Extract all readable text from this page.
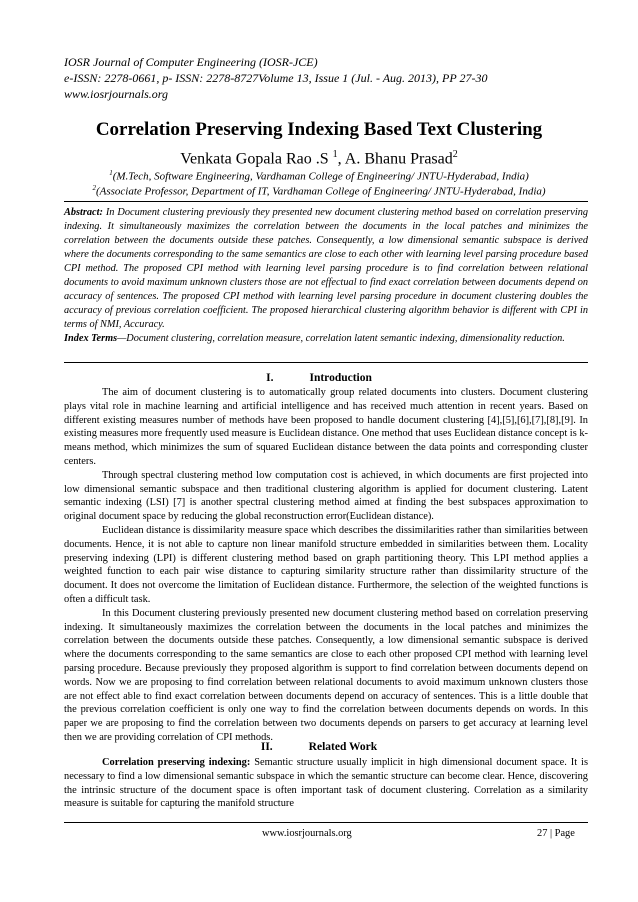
IOSR Journal of Computer Engineering (IOSR-JCE)
e-ISSN: 2278-0661, p- ISSN: 2278-8727Volume 13, Issue 1 (Jul. - Aug. 2013), PP 27-30
www.iosrjournals.org
Correlation Preserving Indexing Based Text Clustering
Venkata Gopala Rao .S $^1$, A. Bhanu Prasad$^2$
$^1$(M.Tech, Software Engineering, Vardhaman College of Engineering/ JNTU-Hyderabad, India)
$^2$(Associate Professor, Department of IT, Vardhaman College of Engineering/ JNTU-Hyderabad, India)
Abstract: In Document clustering previously they presented new document clustering method based on correlation preserving indexing. It simultaneously maximizes the correlation between the documents in the local patches and minimizes the correlation between the documents outside these patches. Consequently, a low dimensional semantic subspace is derived where the documents corresponding to the same semantics are close to each other with learning level parsing procedure based CPI method. The proposed CPI method with learning level parsing procedure is to find correlation between relational documents to avoid maximum unknown clusters those are not effectual to find exact correlation between documents depend on accuracy of sentences. The proposed CPI method with learning level parsing procedure in document clustering doubles the accuracy of previous correlation coefficient. The proposed hierarchical clustering algorithm behavior is different with CPI in terms of NMI, Accuracy.
Index Terms—Document clustering, correlation measure, correlation latent semantic indexing, dimensionality reduction.
I.	Introduction

The aim of document clustering is to automatically group related documents into clusters. Document clustering plays vital role in machine learning and artificial intelligence and has received much attention in recent years. Based on different existing measures number of methods have been proposed to handle document clustering [4],[5],[6],[7],[8],[9]. In existing measures more frequently used measure is Euclidean distance. One method that uses Euclidean distance concept is k-means method, which minimizes the sum of squared Euclidean distance between the data points and corresponding cluster centers.

Through spectral clustering method low computation cost is achieved, in which documents are first projected into low dimensional semantic subspace and then traditional clustering algorithm is applied for document clustering. Latent semantic indexing (LSI) [7] is another spectral clustering method aimed at finding the best subspaces approximation to original document space by reducing the global reconstruction error(Euclidean distance).

Euclidean distance is dissimilarity measure space which describes the dissimilarities rather than similarities between documents. Hence, it is not able to capture non linear manifold structure embedded in similarities between them. Locality preserving indexing (LPI) is different clustering method based on graph partitioning theory. This LPI method applies a weighted function to each pair wise distance to capturing similarity structure rather than dissimilarity structure of the document. It does not overcome the limitation of Euclidean distance. Furthermore, the selection of the weighted functions is often a difficult task.

In this Document clustering previously presented new document clustering method based on correlation preserving indexing. It simultaneously maximizes the correlation between the documents in the local patches and minimizes the correlation between the documents outside these patches. Consequently, a low dimensional semantic subspace is derived where the documents corresponding to the same semantics are close to each other proposed CPI method with learning level parsing procedure. Because previously they proposed algorithm is support to find correlation between documents depend on words. Now we are proposing to find correlation between relational documents to avoid maximum unknown clusters those are not effect able to find exact correlation between documents depend on accuracy of sentences. This is a little double that the previous correlation coefficient is only one way to find the correlation between documents depends on words. In this paper we are proposing to find the correlation between two documents depends on parsers to get accuracy at learning level then we are providing correlation of CPI methods.

II.	Related Work

Correlation preserving indexing: Semantic structure usually implicit in high dimensional document space. It is necessary to find a low dimensional semantic subspace in which the semantic structure can become clear. Hence, discovering the intrinsic structure of the document space is often important task of document clustering. Correlation as a similarity measure is suitable for capturing the manifold structure

www.iosrjournals.org	27 | Page
